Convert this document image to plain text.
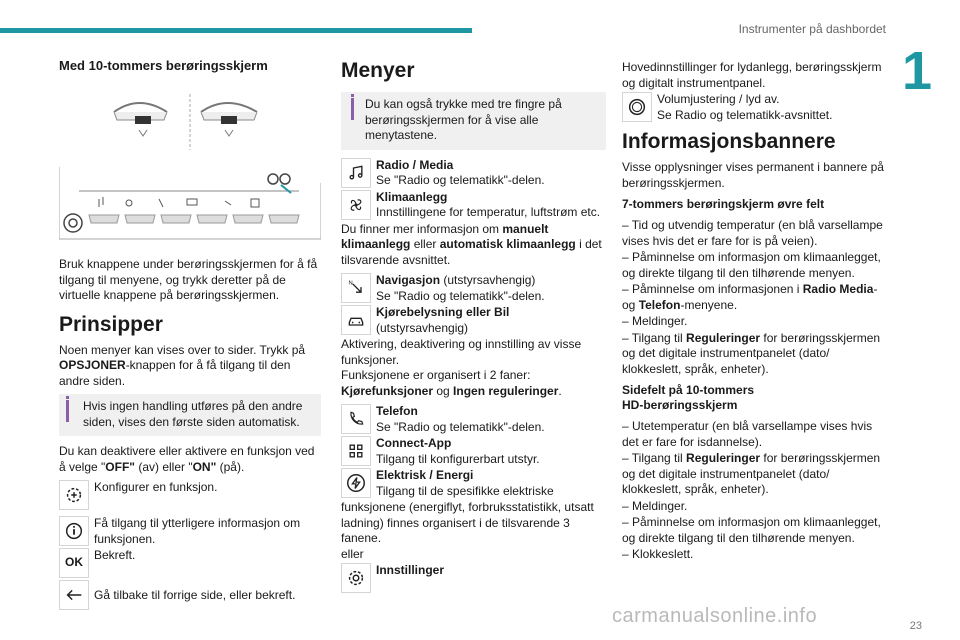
Instrumenter på dashbordet
1
23
carmanualsonline.info
Med 10-tommers berøringsskjerm

Bruk knappene under berøringsskjermen for å få tilgang til menyene, og trykk deretter på de virtuelle knappene på berøringsskjermen.

Prinsipper

Noen menyer kan vises over to sider. Trykk på OPSJONER-knappen for å få tilgang til den andre siden.

Hvis ingen handling utføres på den andre siden, vises den første siden automatisk.

Du kan deaktivere eller aktivere en funksjon ved å velge "OFF" (av) eller "ON" (på).

Konfigurer en funksjon.
Få tilgang til ytterligere informasjon om funksjonen.
OK
Bekreft.
Gå tilbake til forrige side, eller bekreft.
Menyer
Du kan også trykke med tre fingre på berøringsskjermen for å vise alle menytastene.
Radio / Media
Se "Radio og telematikk"-delen.
Klimaanlegg
Innstillingene for temperatur, luftstrøm etc.

Du finner mer informasjon om manuelt klimaanlegg eller automatisk klimaanlegg i det tilsvarende avsnittet.

N Navigasjon (utstyrsavhengig)
Se "Radio og telematikk"-delen.
Kjørebelysning eller Bil
(utstyrsavhengig)

Aktivering, deaktivering og innstilling av visse funksjoner.

Funksjonene er organisert i 2 faner:

Kjørefunksjoner og Ingen reguleringer.

Telefon
Se "Radio og telematikk"-delen.
Connect-App
Tilgang til konfigurerbart utstyr.
Elektrisk / Energi
Tilgang til de spesifikke elektriske

funksjonene (energiflyt, forbruksstatistikk, utsatt ladning) finnes organisert i de tilsvarende 3 fanene.

eller

Innstillinger

Hovedinnstillinger for lydanlegg, berøringsskjerm og digitalt instrumentpanel.

Volumjustering / lyd av.
Se Radio og telematikk-avsnittet.
Informasjonsbannere

Visse opplysninger vises permanent i bannere på berøringsskjermen.

7-tommers berøringskjerm øvre felt
– Tid og utvendig temperatur (en blå varsellampe vises hvis det er fare for is på veien).
– Påminnelse om informasjon om klimaanlegget, og direkte tilgang til den tilhørende menyen.
– Påminnelse om informasjonen i Radio Media- og Telefon-menyene.
– Meldinger.
– Tilgang til Reguleringer for berøringsskjermen og det digitale instrumentpanelet (dato/ klokkeslett, språk, enheter).
Sidefelt på 10-tommers
HD-berøringsskjerm
– Utetemperatur (en blå varsellampe vises hvis det er fare for isdannelse).
– Tilgang til Reguleringer for berøringsskjermen og det digitale instrumentpanelet (dato/ klokkeslett, språk, enheter).
– Meldinger.
– Påminnelse om informasjon om klimaanlegget, og direkte tilgang til den tilhørende menyen.
– Klokkeslett.
